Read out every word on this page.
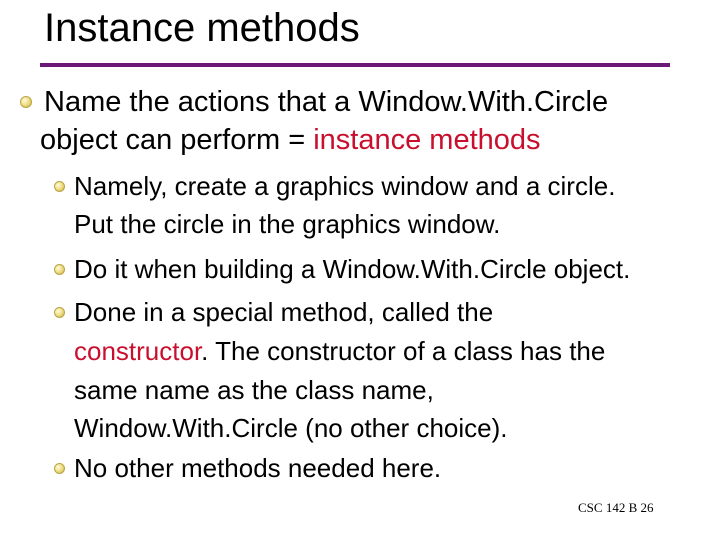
Instance methods
Name the actions that a Window.With.Circle
object can perform = instance methods
Namely, create a graphics window and a circle.
Put the circle in the graphics window.
Do it when building a Window.With.Circle object.
Done in a special method, called the
constructor. The constructor of a class has the
same name as the class name,
Window.With.Circle (no other choice).
No other methods needed here.
CSC 142 B 26
